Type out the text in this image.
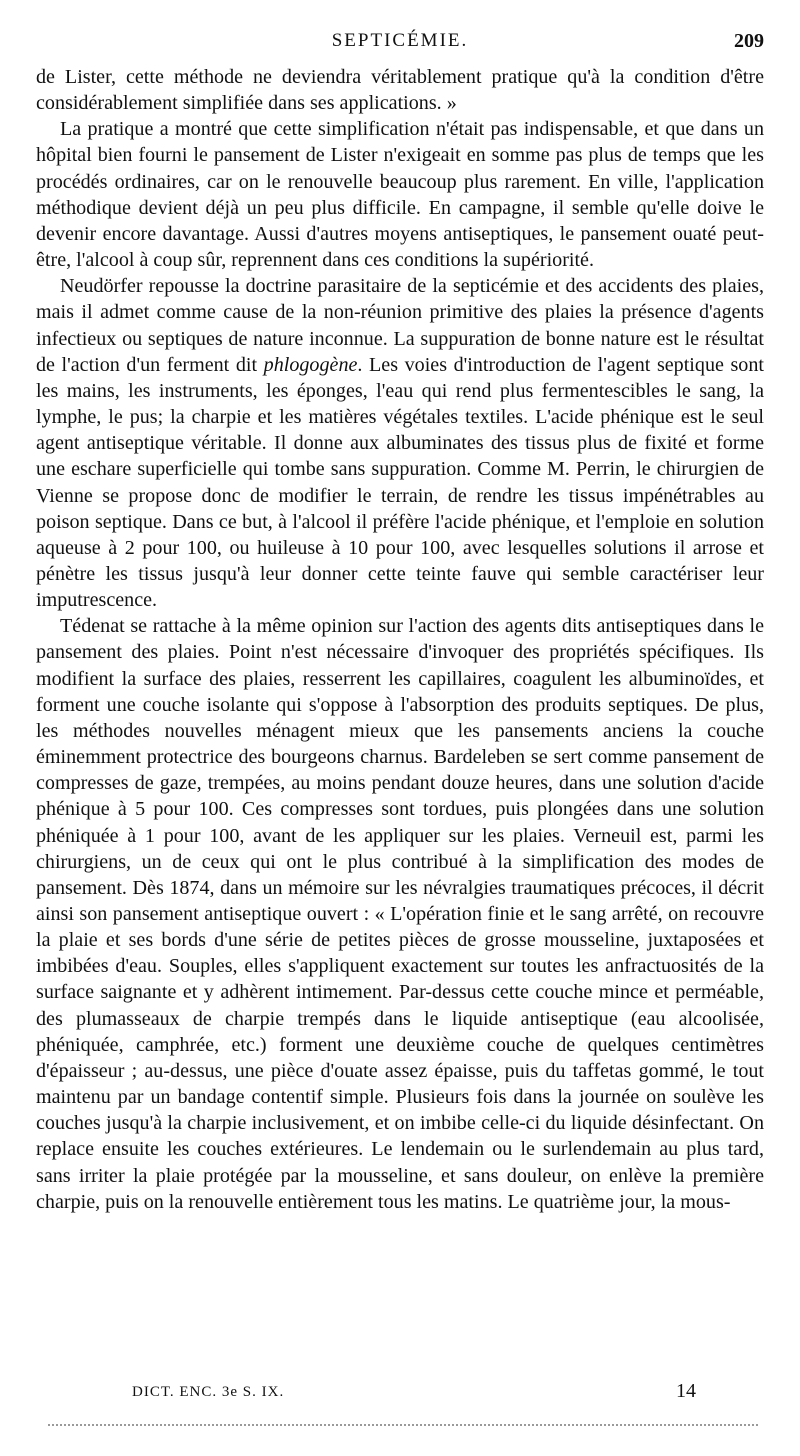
SEPTICÉMIE.	209

de Lister, cette méthode ne deviendra véritablement pratique qu'à la condition d'être considérablement simplifiée dans ses applications. »

La pratique a montré que cette simplification n'était pas indispensable, et que dans un hôpital bien fourni le pansement de Lister n'exigeait en somme pas plus de temps que les procédés ordinaires, car on le renouvelle beaucoup plus rarement. En ville, l'application méthodique devient déjà un peu plus difficile. En campagne, il semble qu'elle doive le devenir encore davantage. Aussi d'autres moyens antiseptiques, le pansement ouaté peut-être, l'alcool à coup sûr, reprennent dans ces conditions la supériorité.

Neudörfer repousse la doctrine parasitaire de la septicémie et des accidents des plaies, mais il admet comme cause de la non-réunion primitive des plaies la présence d'agents infectieux ou septiques de nature inconnue. La suppuration de bonne nature est le résultat de l'action d'un ferment dit phlogogène. Les voies d'introduction de l'agent septique sont les mains, les instruments, les éponges, l'eau qui rend plus fermentescibles le sang, la lymphe, le pus; la charpie et les matières végétales textiles. L'acide phénique est le seul agent antiseptique véritable. Il donne aux albuminates des tissus plus de fixité et forme une eschare superficielle qui tombe sans suppuration. Comme M. Perrin, le chirurgien de Vienne se propose donc de modifier le terrain, de rendre les tissus impénétrables au poison septique. Dans ce but, à l'alcool il préfère l'acide phénique, et l'emploie en solution aqueuse à 2 pour 100, ou huileuse à 10 pour 100, avec lesquelles solutions il arrose et pénètre les tissus jusqu'à leur donner cette teinte fauve qui semble caractériser leur imputrescence.

Tédenat se rattache à la même opinion sur l'action des agents dits antiseptiques dans le pansement des plaies. Point n'est nécessaire d'invoquer des propriétés spécifiques. Ils modifient la surface des plaies, resserrent les capillaires, coagulent les albuminoïdes, et forment une couche isolante qui s'oppose à l'absorption des produits septiques. De plus, les méthodes nouvelles ménagent mieux que les pansements anciens la couche éminemment protectrice des bourgeons charnus. Bardeleben se sert comme pansement de compresses de gaze, trempées, au moins pendant douze heures, dans une solution d'acide phénique à 5 pour 100. Ces compresses sont tordues, puis plongées dans une solution phéniquée à 1 pour 100, avant de les appliquer sur les plaies. Verneuil est, parmi les chirurgiens, un de ceux qui ont le plus contribué à la simplification des modes de pansement. Dès 1874, dans un mémoire sur les névralgies traumatiques précoces, il décrit ainsi son pansement antiseptique ouvert : « L'opération finie et le sang arrêté, on recouvre la plaie et ses bords d'une série de petites pièces de grosse mousseline, juxtaposées et imbibées d'eau. Souples, elles s'appliquent exactement sur toutes les anfractuosités de la surface saignante et y adhèrent intimement. Par-dessus cette couche mince et perméable, des plumasseaux de charpie trempés dans le liquide antiseptique (eau alcoolisée, phéniquée, camphrée, etc.) forment une deuxième couche de quelques centimètres d'épaisseur ; au-dessus, une pièce d'ouate assez épaisse, puis du taffetas gommé, le tout maintenu par un bandage contentif simple. Plusieurs fois dans la journée on soulève les couches jusqu'à la charpie inclusivement, et on imbibe celle-ci du liquide désinfectant. On replace ensuite les couches extérieures. Le lendemain ou le surlendemain au plus tard, sans irriter la plaie protégée par la mousseline, et sans douleur, on enlève la première charpie, puis on la renouvelle entièrement tous les matins. Le quatrième jour, la mous-

DICT. ENC. 3e S. IX.	14
